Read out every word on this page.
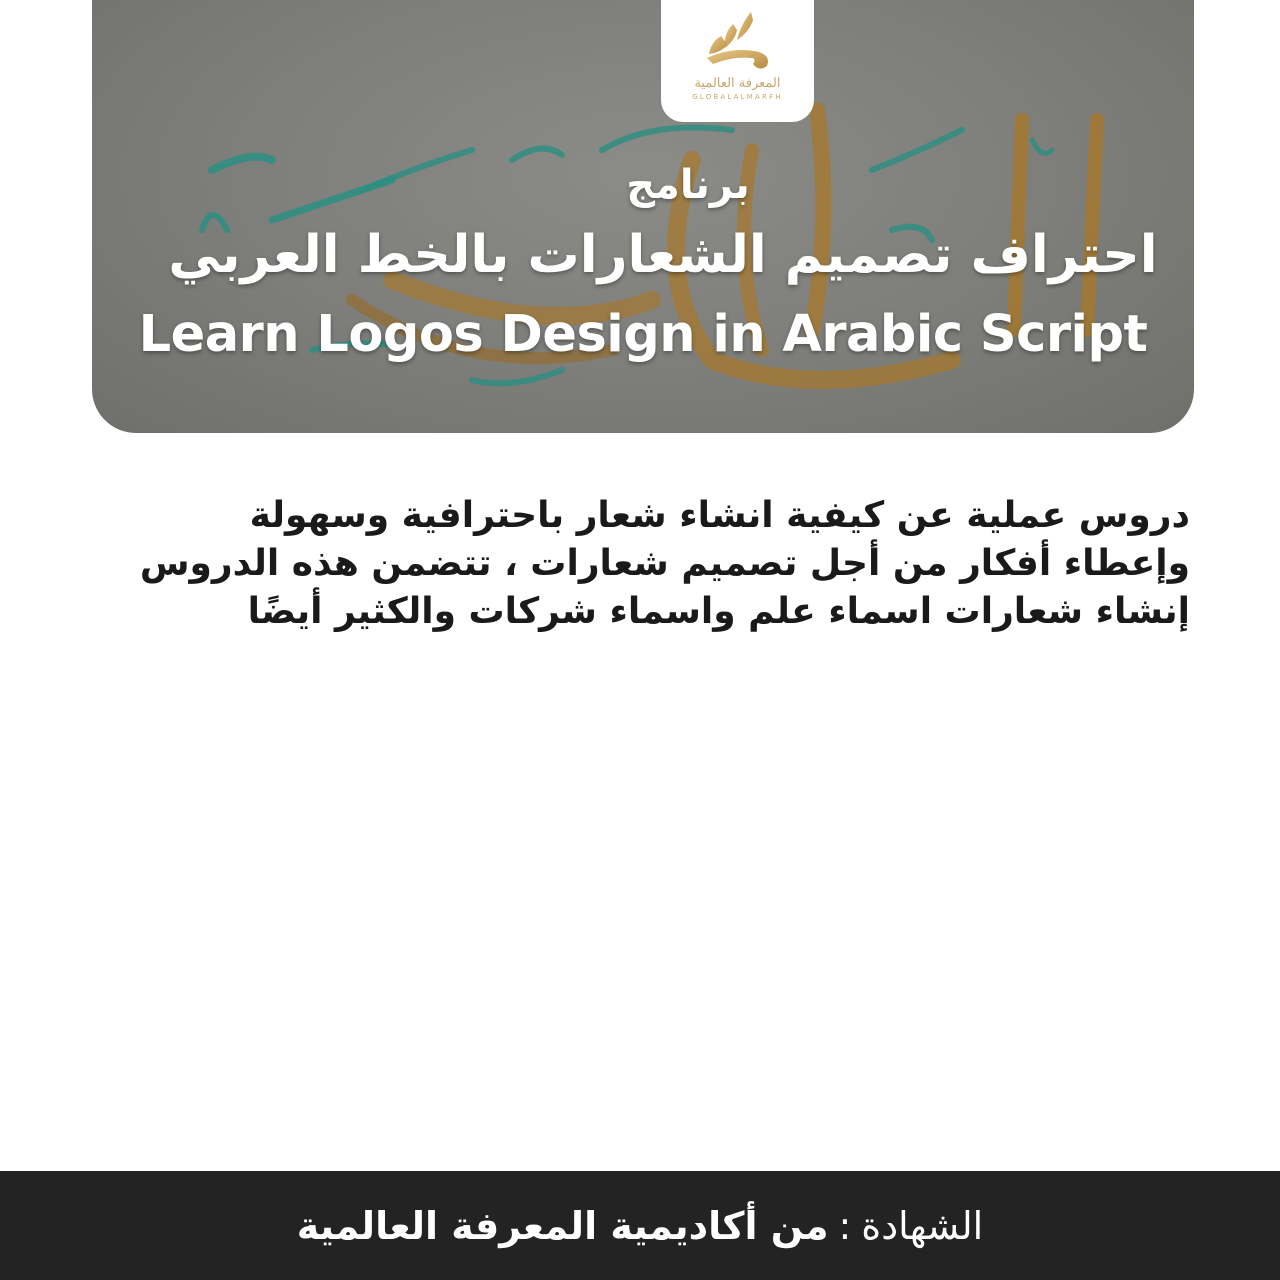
المعرفة العالمية
GLOBALALMARFH
برنامج
احتراف تصميم الشعارات بالخط العربي
Learn Logos Design in Arabic Script
دروس عملية عن كيفية انشاء شعار باحترافية وسهولة وإعطاء أفكار من أجل تصميم شعارات ، تتضمن هذه الدروس إنشاء شعارات اسماء علم واسماء شركات والكثير أيضًا
الشهادة
:
من أكاديمية المعرفة العالمية
